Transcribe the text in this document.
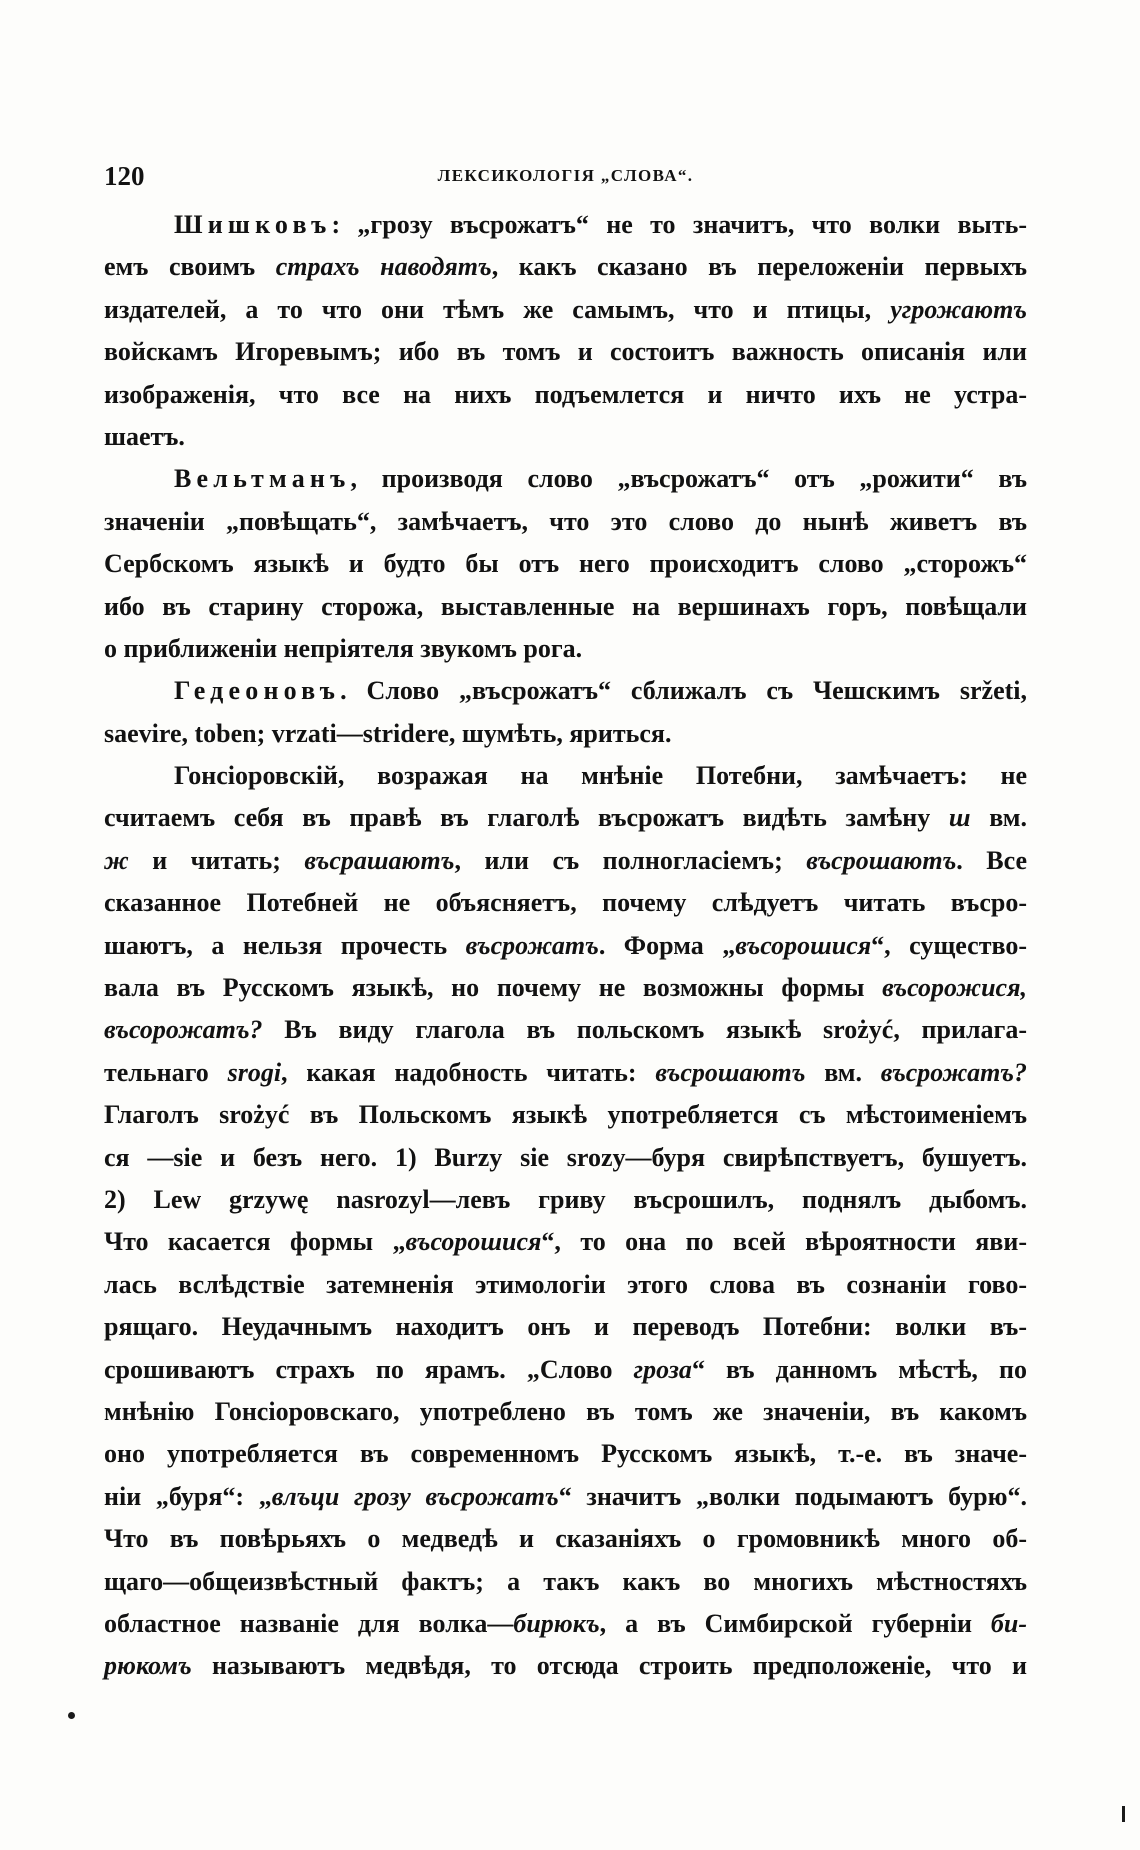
120	ЛЕКСИКОЛОГІЯ „СЛОВА“.
Шишковъ: „грозу въсрожатъ“ не то значитъ, что волки выть-
емъ своимъ страхъ наводятъ, какъ сказано въ переложеніи первыхъ
издателей, а то что они тѣмъ же самымъ, что и птицы, угрожаютъ
войскамъ Игоревымъ; ибо въ томъ и состоитъ важность описанія или
изображенія, что все на нихъ подъемлется и ничто ихъ не устра-
шаетъ.
Вельтманъ, производя слово „въсрожатъ“ отъ „рожити“ въ
значеніи „повѣщать“, замѣчаетъ, что это слово до нынѣ живетъ въ
Сербскомъ языкѣ и будто бы отъ него происходитъ слово „сторожъ“
ибо въ старину сторожа, выставленные на вершинахъ горъ, повѣщали
о приближеніи непріятеля звукомъ рога.
Гедеоновъ. Слово „въсрожатъ“ сближалъ съ Чешскимъ sržeti,
saevire, toben; vrzati—stridere, шумѣть, яриться.
Гонсіоровскій, возражая на мнѣніе Потебни, замѣчаетъ: не
считаемъ себя въ правѣ въ глаголѣ въсрожатъ видѣть замѣну ш вм.
ж и читать; въсрашаютъ, или съ полногласіемъ; въсрошаютъ. Все
сказанное Потебней не объясняетъ, почему слѣдуетъ читать въсро-
шаютъ, а нельзя прочесть въсрожатъ. Форма „въсорошися“, существо-
вала въ Русскомъ языкѣ, но почему не возможны формы въсорожися,
въсорожатъ? Въ виду глагола въ польскомъ языкѣ srożyć, прилага-
тельнаго srogi, какая надобность читать: въсрошаютъ вм. въсрожатъ?
Глаголъ srożyć въ Польскомъ языкѣ употребляется съ мѣстоименіемъ
ся —sie и безъ него. 1) Burzy sie srozy—буря свирѣпствуетъ, бушуетъ.
2) Lew grzywę nasrozyl—левъ гриву въсрошилъ, поднялъ дыбомъ.
Что касается формы „въсорошися“, то она по всей вѣроятности яви-
лась вслѣдствіе затемненія этимологіи этого слова въ сознаніи гово-
рящаго. Неудачнымъ находитъ онъ и переводъ Потебни: волки въ-
срошиваютъ страхъ по ярамъ. „Слово гроза“ въ данномъ мѣстѣ, по
мнѣнію Гонсіоровскаго, употреблено въ томъ же значеніи, въ какомъ
оно употребляется въ современномъ Русскомъ языкѣ, т.-е. въ значе-
ніи „буря“: „влъци грозу въсрожатъ“ значитъ „волки подымаютъ бурю“.
Что въ повѣрьяхъ о медведѣ и сказаніяхъ о громовникѣ много об-
щаго—общеизвѣстный фактъ; а такъ какъ во многихъ мѣстностяхъ
областное названіе для волка—бирюкъ, а въ Симбирской губерніи би-
рюкомъ называютъ медвѣдя, то отсюда строить предположеніе, что и
